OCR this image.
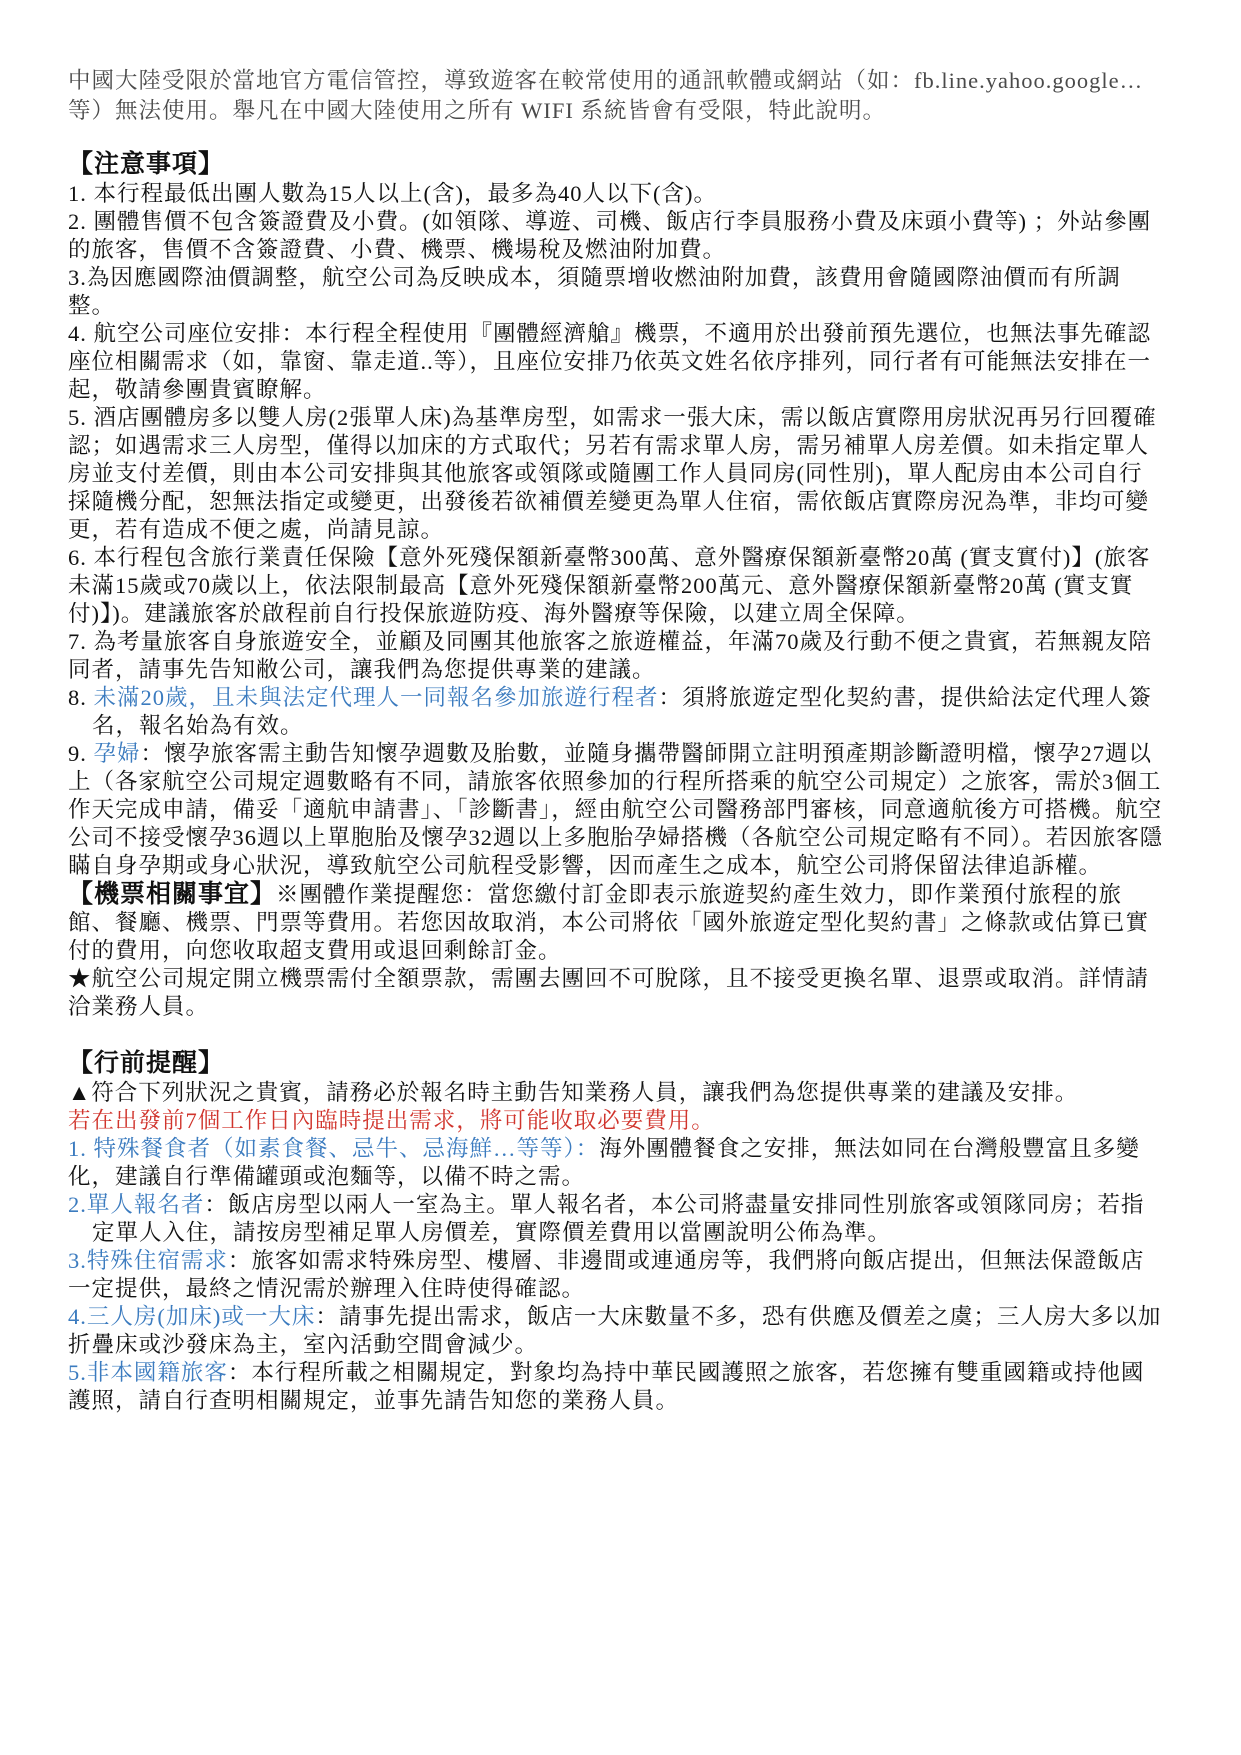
中國大陸受限於當地官方電信管控，導致遊客在較常使用的通訊軟體或網站（如：fb.line.yahoo.google…等）無法使用。舉凡在中國大陸使用之所有 WIFI 系統皆會有受限，特此說明。

【注意事項】

1. 本行程最低出團人數為15人以上(含)，最多為40人以下(含)。

2. 團體售價不包含簽證費及小費。(如領隊、導遊、司機、飯店行李員服務小費及床頭小費等) ；外站參團的旅客，售價不含簽證費、小費、機票、機場稅及燃油附加費。

3.為因應國際油價調整，航空公司為反映成本，須隨票增收燃油附加費，該費用會隨國際油價而有所調整。

4. 航空公司座位安排：本行程全程使用『團體經濟艙』機票，不適用於出發前預先選位，也無法事先確認座位相關需求（如，靠窗、靠走道..等），且座位安排乃依英文姓名依序排列，同行者有可能無法安排在一起，敬請參團貴賓瞭解。

5. 酒店團體房多以雙人房(2張單人床)為基準房型，如需求一張大床，需以飯店實際用房狀況再另行回覆確認；如遇需求三人房型，僅得以加床的方式取代；另若有需求單人房，需另補單人房差價。如未指定單人房並支付差價，則由本公司安排與其他旅客或領隊或隨團工作人員同房(同性別)，單人配房由本公司自行採隨機分配，恕無法指定或變更，出發後若欲補價差變更為單人住宿，需依飯店實際房況為準，非均可變更，若有造成不便之處，尚請見諒。

6. 本行程包含旅行業責任保險【意外死殘保額新臺幣300萬、意外醫療保額新臺幣20萬 (實支實付)】(旅客未滿15歲或70歲以上，依法限制最高【意外死殘保額新臺幣200萬元、意外醫療保額新臺幣20萬 (實支實付)】)。建議旅客於啟程前自行投保旅遊防疫、海外醫療等保險，以建立周全保障。

7. 為考量旅客自身旅遊安全，並顧及同團其他旅客之旅遊權益，年滿70歲及行動不便之貴賓，若無親友陪同者，請事先告知敝公司，讓我們為您提供專業的建議。

8. 未滿20歲，且未與法定代理人一同報名參加旅遊行程者：須將旅遊定型化契約書，提供給法定代理人簽名，報名始為有效。

9. 孕婦：懷孕旅客需主動告知懷孕週數及胎數，並隨身攜帶醫師開立註明預產期診斷證明檔，懷孕27週以上（各家航空公司規定週數略有不同，請旅客依照參加的行程所搭乘的航空公司規定）之旅客，需於3個工作天完成申請，備妥「適航申請書」、「診斷書」，經由航空公司醫務部門審核，同意適航後方可搭機。航空公司不接受懷孕36週以上單胞胎及懷孕32週以上多胞胎孕婦搭機（各航空公司規定略有不同）。若因旅客隱瞞自身孕期或身心狀況，導致航空公司航程受影響，因而產生之成本，航空公司將保留法律追訴權。

【機票相關事宜】※團體作業提醒您：當您繳付訂金即表示旅遊契約產生效力，即作業預付旅程的旅館、餐廳、機票、門票等費用。若您因故取消，本公司將依「國外旅遊定型化契約書」之條款或估算已實付的費用，向您收取超支費用或退回剩餘訂金。

★航空公司規定開立機票需付全額票款，需團去團回不可脫隊，且不接受更換名單、退票或取消。詳情請洽業務人員。

【行前提醒】

▲符合下列狀況之貴賓，請務必於報名時主動告知業務人員，讓我們為您提供專業的建議及安排。

若在出發前7個工作日內臨時提出需求，將可能收取必要費用。

1. 特殊餐食者（如素食餐、忌牛、忌海鮮…等等）：海外團體餐食之安排，無法如同在台灣般豐富且多變化，建議自行準備罐頭或泡麵等，以備不時之需。

2.單人報名者：飯店房型以兩人一室為主。單人報名者，本公司將盡量安排同性別旅客或領隊同房；若指定單人入住，請按房型補足單人房價差，實際價差費用以當團說明公佈為準。

3.特殊住宿需求：旅客如需求特殊房型、樓層、非邊間或連通房等，我們將向飯店提出，但無法保證飯店一定提供，最終之情況需於辦理入住時使得確認。

4.三人房(加床)或一大床：請事先提出需求，飯店一大床數量不多，恐有供應及價差之虞；三人房大多以加折疊床或沙發床為主，室內活動空間會減少。

5.非本國籍旅客：本行程所載之相關規定，對象均為持中華民國護照之旅客，若您擁有雙重國籍或持他國護照，請自行查明相關規定，並事先請告知您的業務人員。
